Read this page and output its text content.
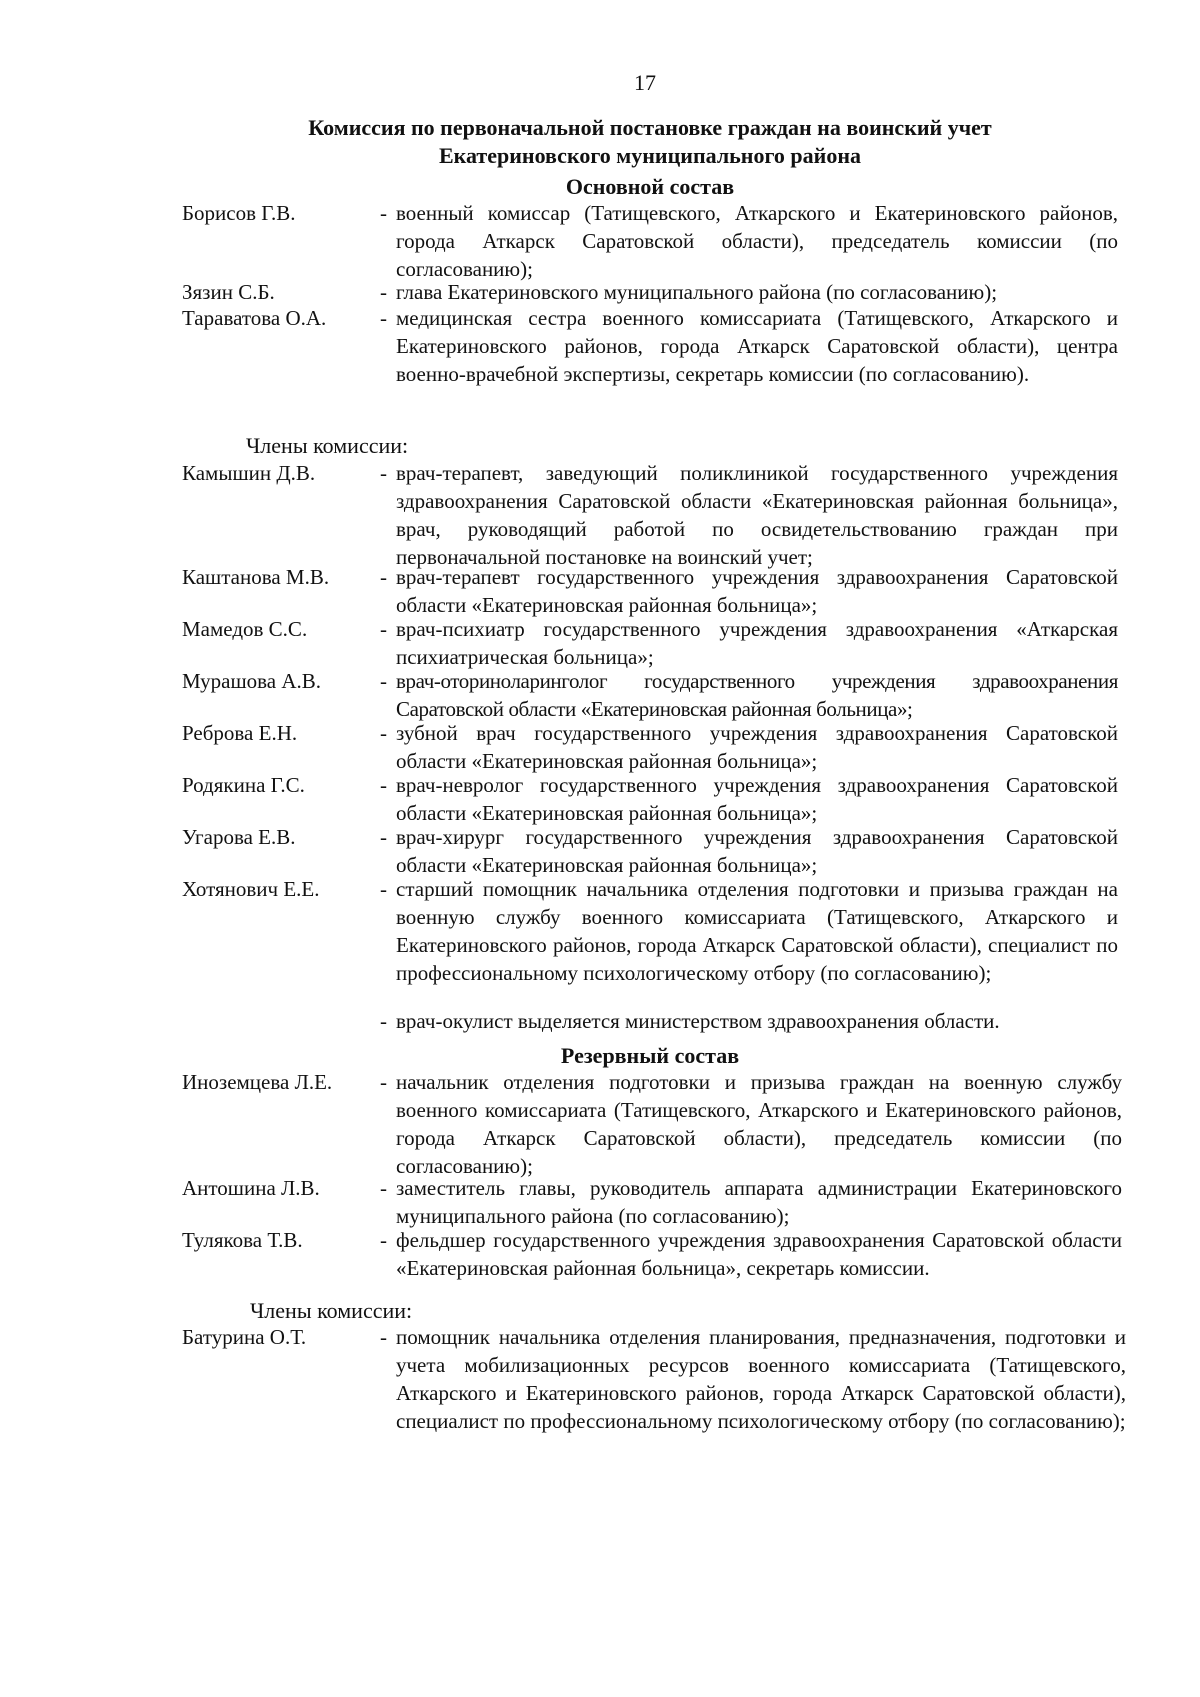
17
Комиссия по первоначальной постановке граждан на воинский учет
Екатериновского муниципального района
Основной состав
Борисов Г.В.	- военный комиссар (Татищевского, Аткарского и Екатериновского районов, города Аткарск Саратовской области), председатель комиссии (по согласованию);
Зязин С.Б.	- глава Екатериновского муниципального района (по согласованию);
Тараватова О.А.	- медицинская сестра военного комиссариата (Татищевского, Аткарского и Екатериновского районов, города Аткарск Саратовской области), центра военно-врачебной экспертизы, секретарь комиссии (по согласованию).
Члены комиссии:
Камышин Д.В.	- врач-терапевт, заведующий поликлиникой государственного учреждения здравоохранения Саратовской области «Екатериновская районная больница», врач, руководящий работой по освидетельствованию граждан при первоначальной постановке на воинский учет;
Каштанова М.В.	- врач-терапевт государственного учреждения здравоохранения Саратовской области «Екатериновская районная больница»;
Мамедов С.С.	- врач-психиатр государственного учреждения здравоохранения «Аткарская психиатрическая больница»;
Мурашова А.В.	- врач-оториноларинголог государственного учреждения здравоохранения Саратовской области «Екатериновская районная больница»;
Реброва Е.Н.	- зубной врач государственного учреждения здравоохранения Саратовской области «Екатериновская районная больница»;
Родякина Г.С.	- врач-невролог государственного учреждения здравоохранения Саратовской области «Екатериновская районная больница»;
Угарова Е.В.	- врач-хирург государственного учреждения здравоохранения Саратовской области «Екатериновская районная больница»;
Хотянович Е.Е.	- старший помощник начальника отделения подготовки и призыва граждан на военную службу военного комиссариата (Татищевского, Аткарского и Екатериновского районов, города Аткарск Саратовской области), специалист по профессиональному психологическому отбору (по согласованию);
- врач-окулист выделяется министерством здравоохранения области.
Резервный состав
Иноземцева Л.Е.	- начальник отделения подготовки и призыва граждан на военную службу военного комиссариата (Татищевского, Аткарского и Екатериновского районов, города Аткарск Саратовской области), председатель комиссии (по согласованию);
Антошина Л.В.	- заместитель главы, руководитель аппарата администрации Екатериновского муниципального района (по согласованию);
Тулякова Т.В.	- фельдшер государственного учреждения здравоохранения Саратовской области «Екатериновская районная больница», секретарь комиссии.
Члены комиссии:
Батурина О.Т.	- помощник начальника отделения планирования, предназначения, подготовки и учета мобилизационных ресурсов военного комиссариата (Татищевского, Аткарского и Екатериновского районов, города Аткарск Саратовской области), специалист по профессиональному психологическому отбору (по согласованию);
